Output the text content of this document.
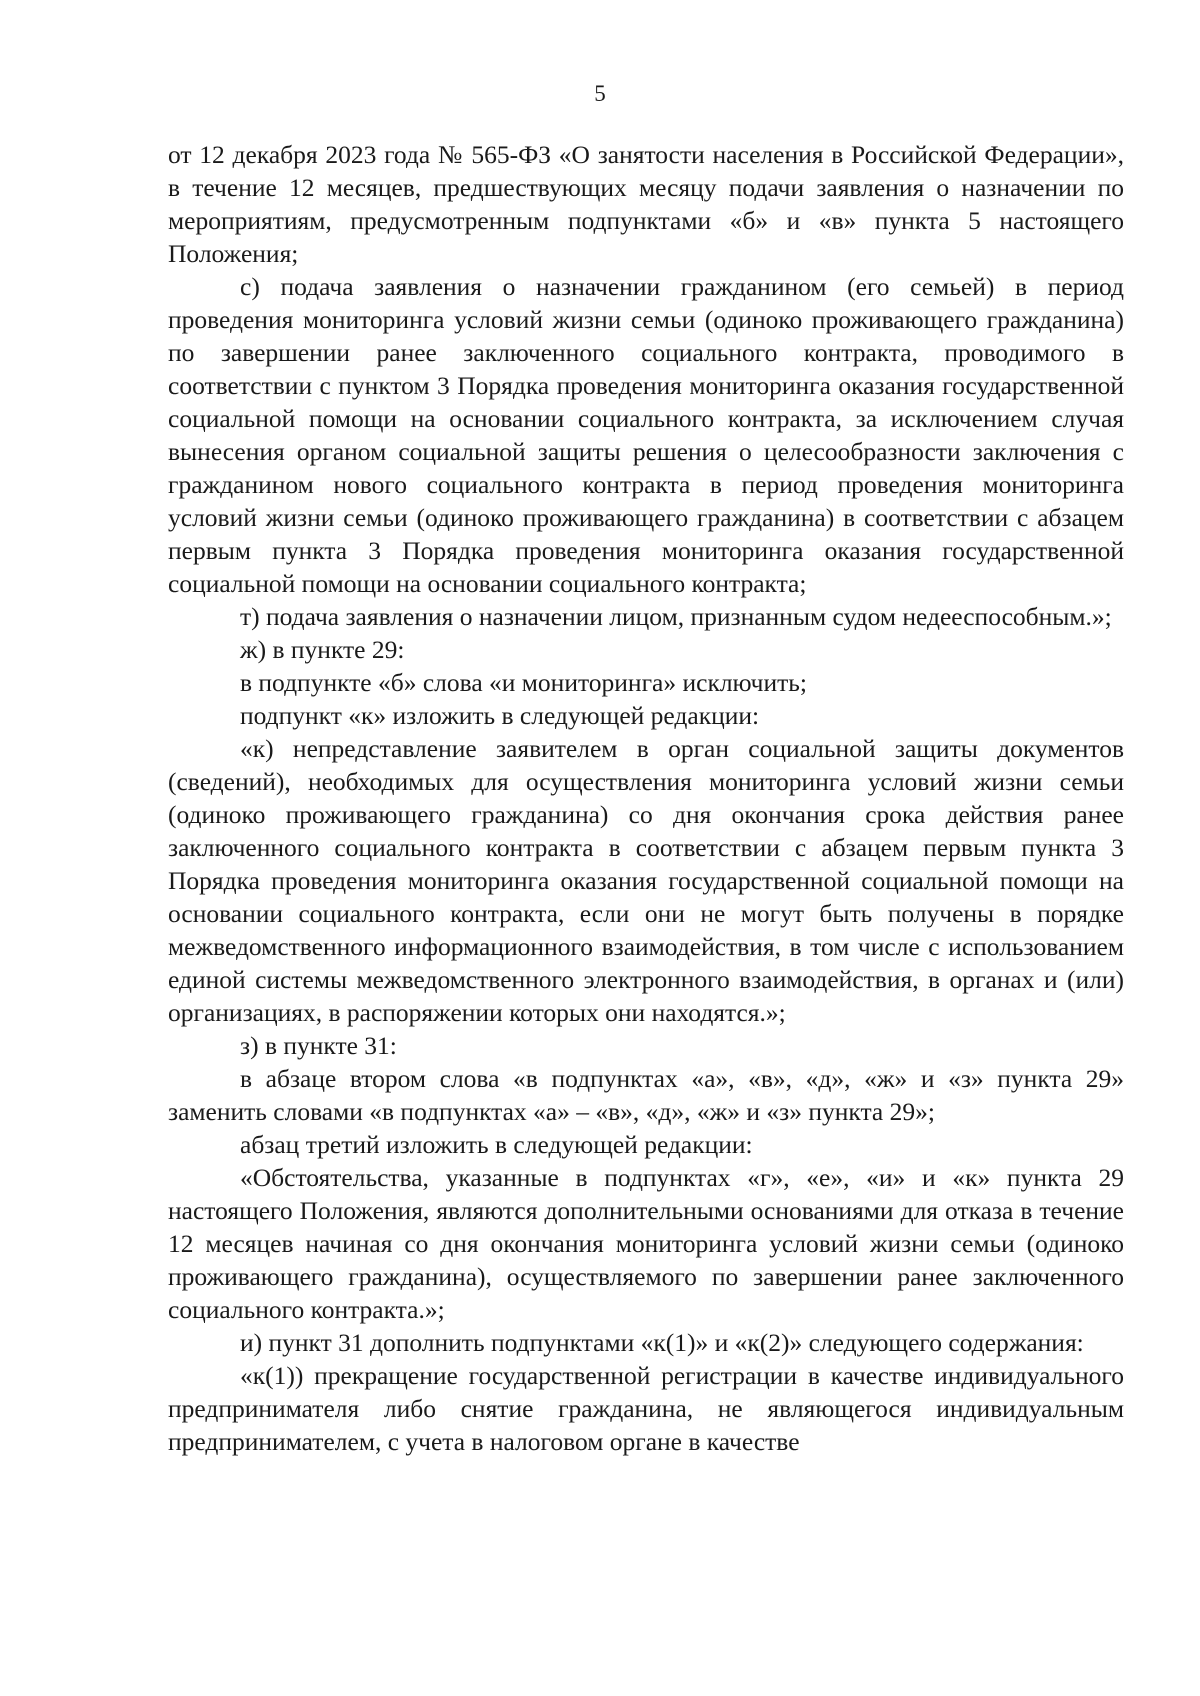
5

от 12 декабря 2023 года № 565-ФЗ «О занятости населения в Российской Федерации», в течение 12 месяцев, предшествующих месяцу подачи заявления о назначении по мероприятиям, предусмотренным подпунктами «б» и «в» пункта 5 настоящего Положения;

с) подача заявления о назначении гражданином (его семьей) в период проведения мониторинга условий жизни семьи (одиноко проживающего гражданина) по завершении ранее заключенного социального контракта, проводимого в соответствии с пунктом 3 Порядка проведения мониторинга оказания государственной социальной помощи на основании социального контракта, за исключением случая вынесения органом социальной защиты решения о целесообразности заключения с гражданином нового социального контракта в период проведения мониторинга условий жизни семьи (одиноко проживающего гражданина) в соответствии с абзацем первым пункта 3 Порядка проведения мониторинга оказания государственной социальной помощи на основании социального контракта;

т) подача заявления о назначении лицом, признанным судом недееспособным.»;

ж) в пункте 29:

в подпункте «б» слова «и мониторинга» исключить;

подпункт «к» изложить в следующей редакции:

«к) непредставление заявителем в орган социальной защиты документов (сведений), необходимых для осуществления мониторинга условий жизни семьи (одиноко проживающего гражданина) со дня окончания срока действия ранее заключенного социального контракта в соответствии с абзацем первым пункта 3 Порядка проведения мониторинга оказания государственной социальной помощи на основании социального контракта, если они не могут быть получены в порядке межведомственного информационного взаимодействия, в том числе с использованием единой системы межведомственного электронного взаимодействия, в органах и (или) организациях, в распоряжении которых они находятся.»;

з) в пункте 31:

в абзаце втором слова «в подпунктах «а», «в», «д», «ж» и «з» пункта 29» заменить словами «в подпунктах «а» – «в», «д», «ж» и «з» пункта 29»;

абзац третий изложить в следующей редакции:

«Обстоятельства, указанные в подпунктах «г», «е», «и» и «к» пункта 29 настоящего Положения, являются дополнительными основаниями для отказа в течение 12 месяцев начиная со дня окончания мониторинга условий жизни семьи (одиноко проживающего гражданина), осуществляемого по завершении ранее заключенного социального контракта.»;

и) пункт 31 дополнить подпунктами «к(1)» и «к(2)» следующего содержания:

«к(1)) прекращение государственной регистрации в качестве индивидуального предпринимателя либо снятие гражданина, не являющегося индивидуальным предпринимателем, с учета в налоговом органе в качестве
